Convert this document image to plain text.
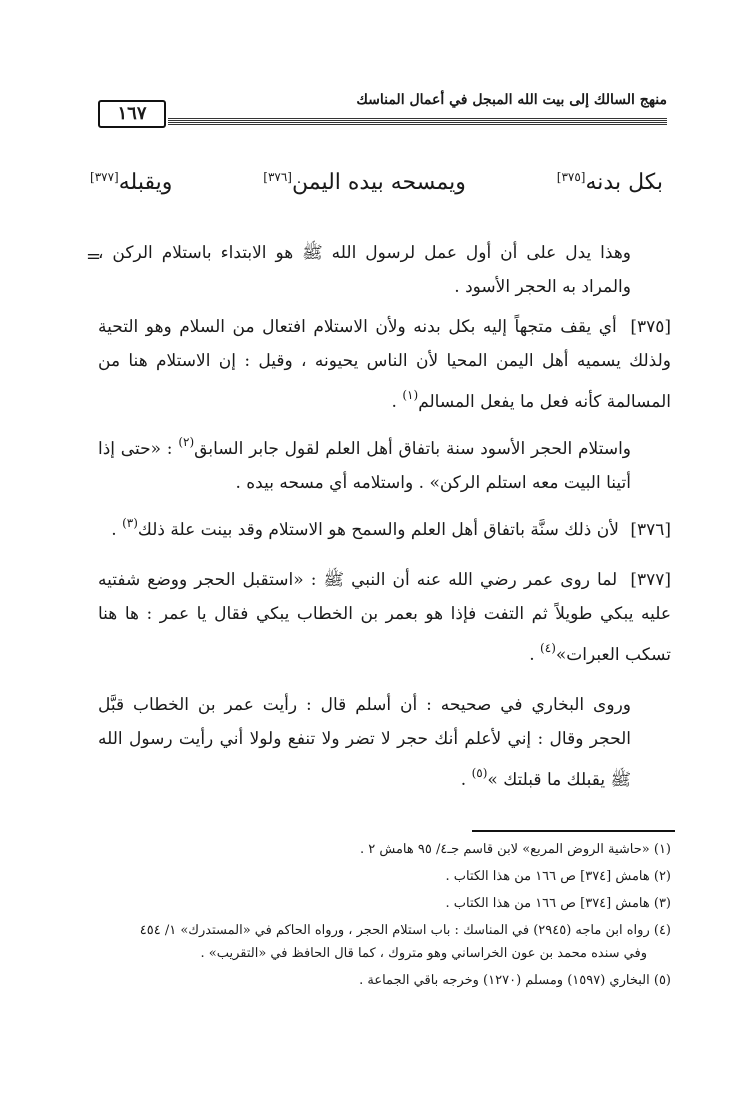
منهج السالك إلى بيت الله المبجل في أعمال المناسك
١٦٧
بكل بدنه[٣٧٥]
ويمسحه بيده اليمن[٣٧٦]
ويقبله[٣٧٧]
=

وهذا يدل على أن أول عمل لرسول الله ﷺ هو الابتداء باستلام الركن ، والمراد به الحجر الأسود .

[٣٧٥] أي يقف متجهاً إليه بكل بدنه ولأن الاستلام افتعال من السلام وهو التحية ولذلك يسميه أهل اليمن المحيا لأن الناس يحيونه ، وقيل : إن الاستلام هنا من المسالمة كأنه فعل ما يفعل المسالم$^{(١)}$ .

واستلام الحجر الأسود سنة باتفاق أهل العلم لقول جابر السابق$^{(٢)}$ : «حتى إذا أتينا البيت معه استلم الركن» . واستلامه أي مسحه بيده .

[٣٧٦] لأن ذلك سنَّة باتفاق أهل العلم والسمح هو الاستلام وقد بينت علة ذلك$^{(٣)}$ .

[٣٧٧] لما روى عمر رضي الله عنه أن النبي ﷺ : «استقبل الحجر ووضع شفتيه عليه يبكي طويلاً ثم التفت فإذا هو بعمر بن الخطاب يبكي فقال يا عمر : ها هنا تسكب العبرات»$^{(٤)}$ .

وروى البخاري في صحيحه : أن أسلم قال : رأيت عمر بن الخطاب قبَّل الحجر وقال : إني لأعلم أنك حجر لا تضر ولا تنفع ولولا أني رأيت رسول الله ﷺ يقبلك ما قبلتك »$^{(٥)}$ .

(١) «حاشية الروض المربع» لابن قاسم جـ٤/ ٩٥ هامش ٢ .
(٢) هامش [٣٧٤] ص ١٦٦ من هذا الكتاب .
(٣) هامش [٣٧٤] ص ١٦٦ من هذا الكتاب .
(٤) رواه ابن ماجه (٢٩٤٥) في المناسك : باب استلام الحجر ، ورواه الحاكم في «المستدرك» ١/ ٤٥٤
وفي سنده محمد بن عون الخراساني وهو متروك ، كما قال الحافظ في «التقريب» .
(٥) البخاري (١٥٩٧) ومسلم (١٢٧٠) وخرجه باقي الجماعة .
